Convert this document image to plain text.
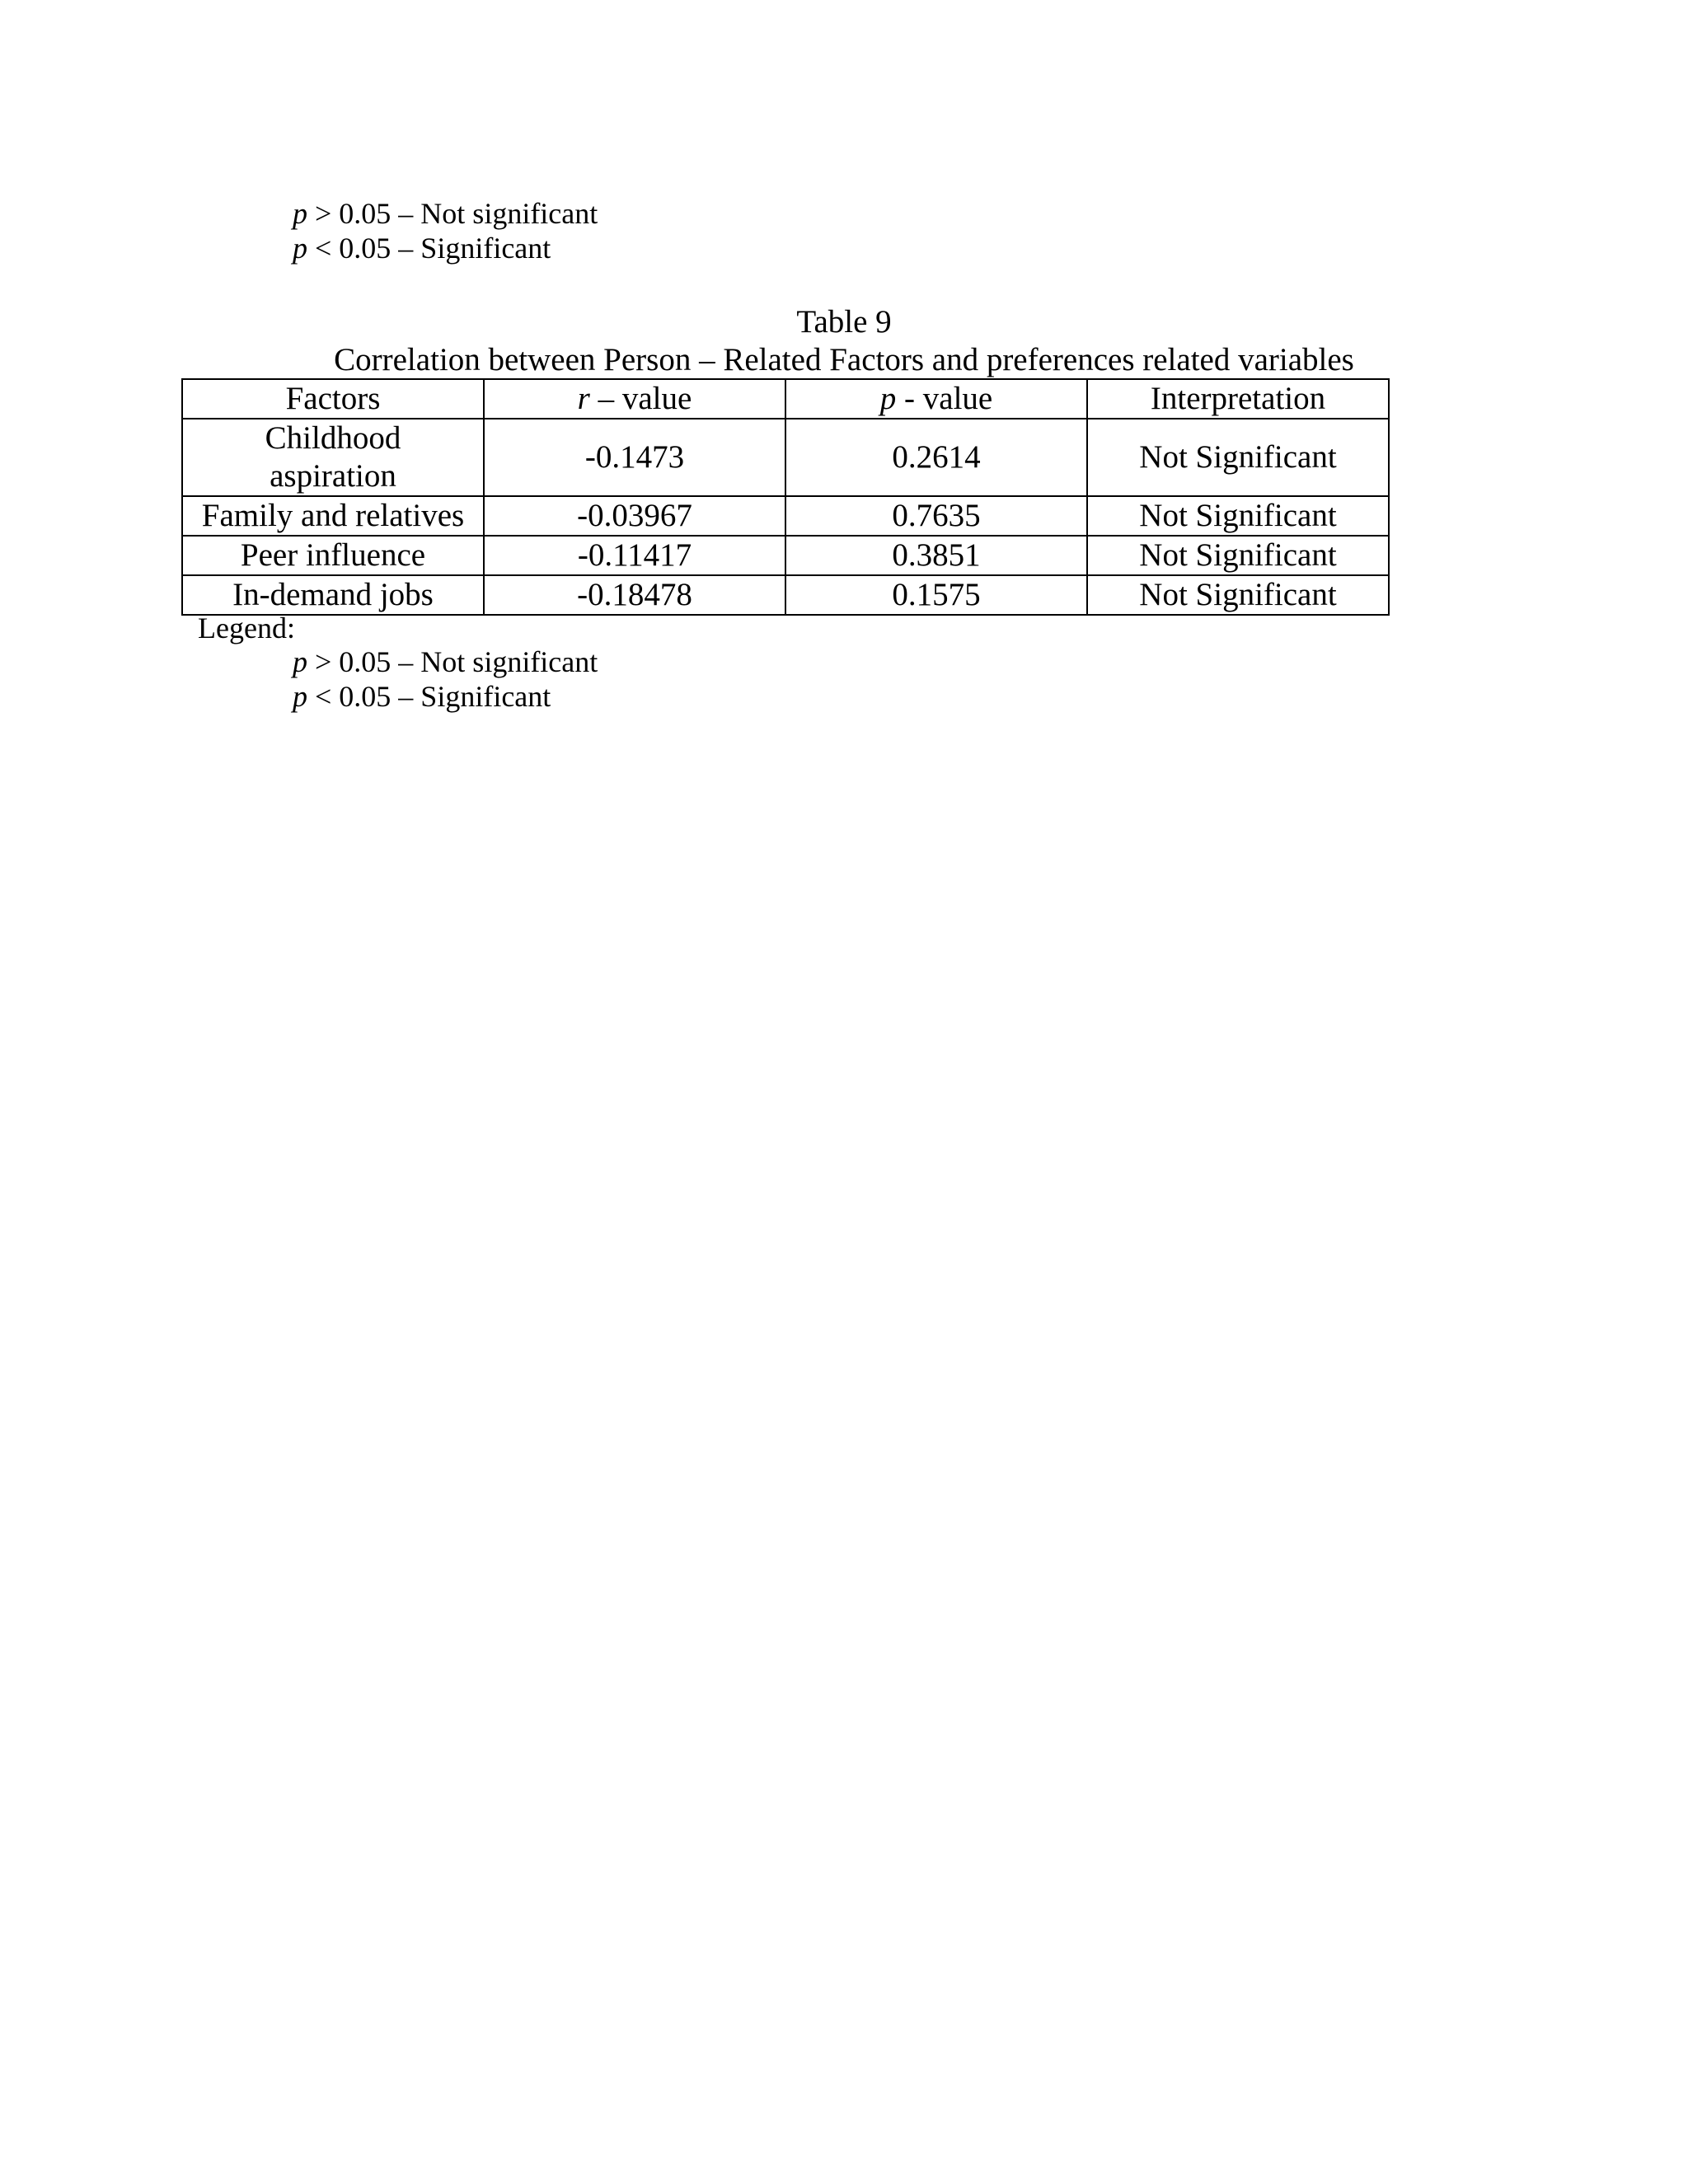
p > 0.05 – Not significant
p < 0.05 – Significant
Table 9
Correlation between Person – Related Factors and preferences related variables
Factors	r – value	p - value	Interpretation

Childhood aspiration	-0.1473	0.2614	Not Significant
Family and relatives	-0.03967	0.7635	Not Significant
Peer influence	-0.11417	0.3851	Not Significant
In-demand jobs	-0.18478	0.1575	Not Significant
Legend:
p > 0.05 – Not significant
p < 0.05 – Significant
